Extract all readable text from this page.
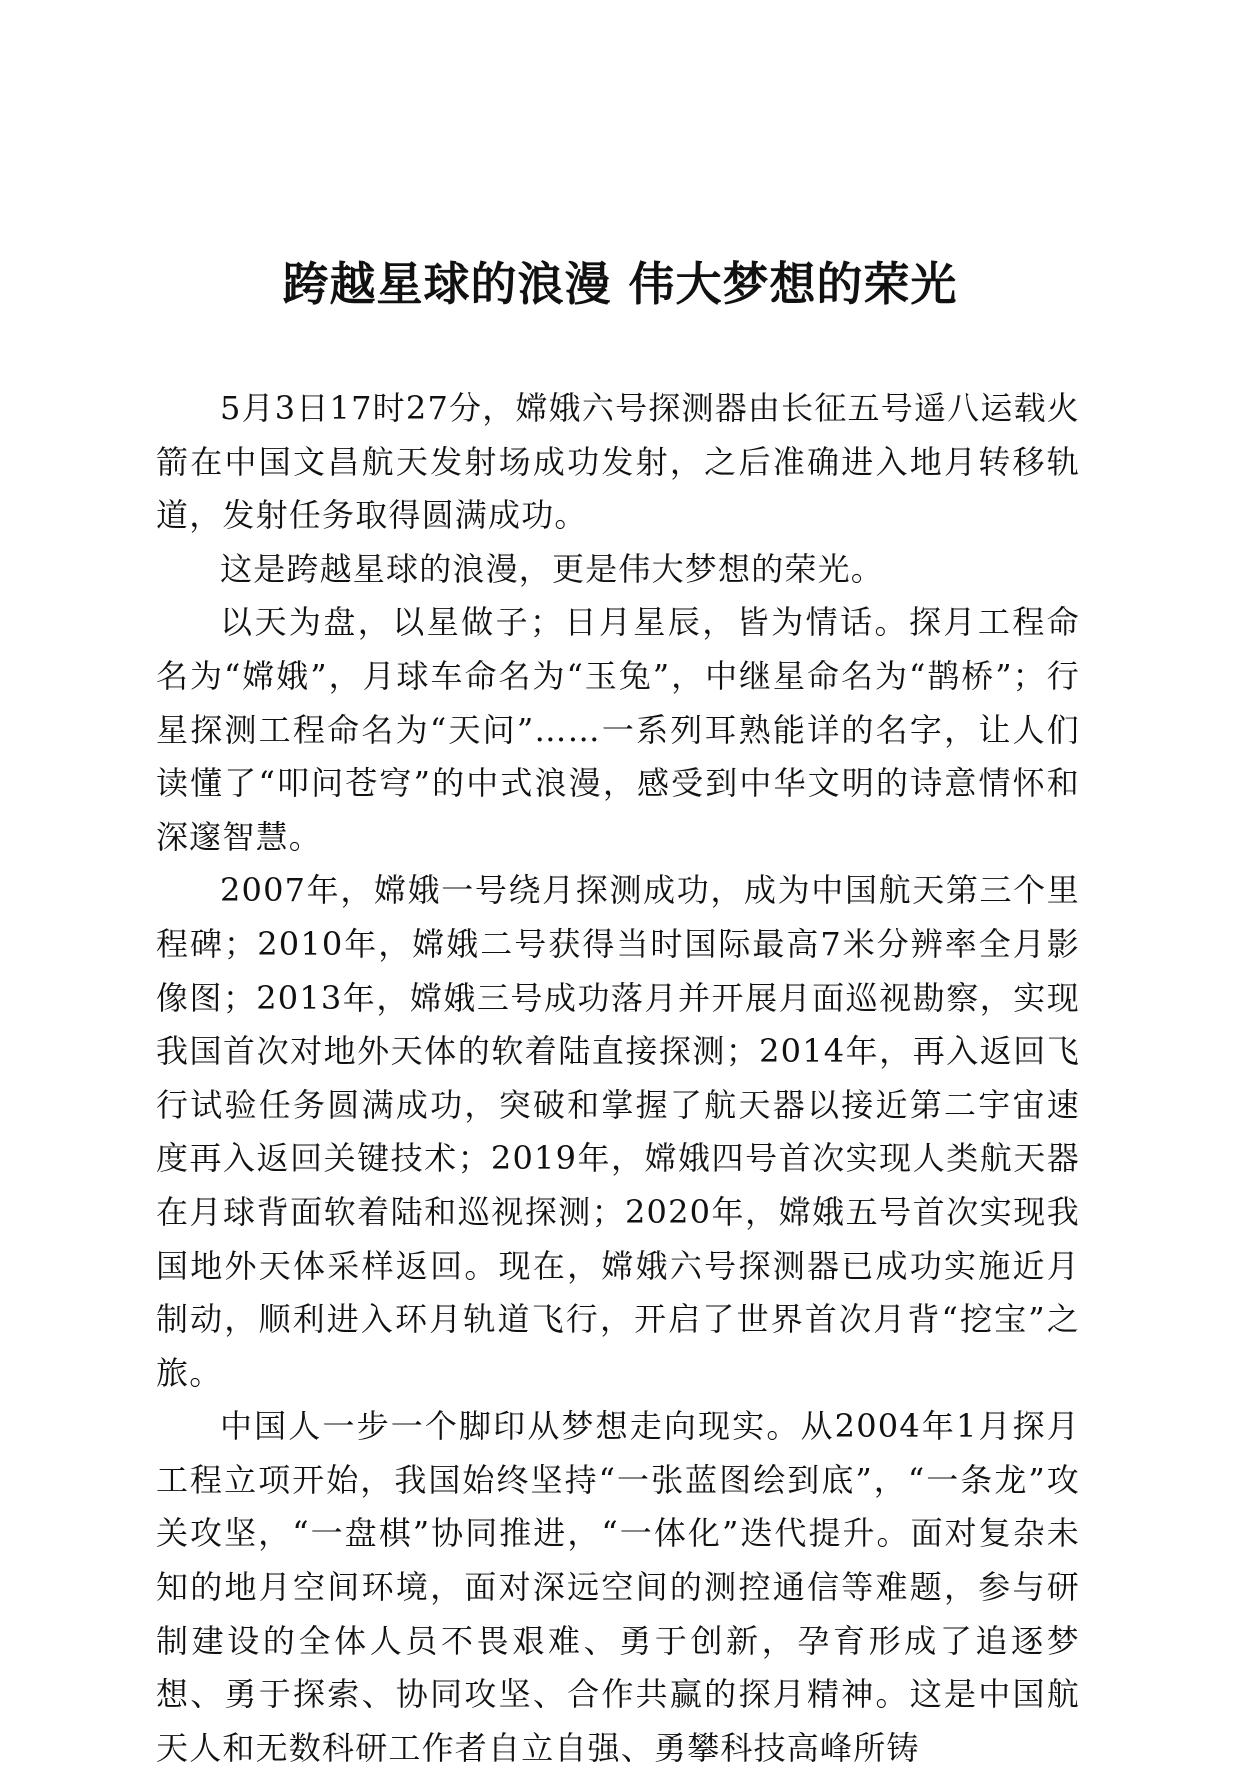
跨越星球的浪漫 伟大梦想的荣光

5月3日17时27分，嫦娥六号探测器由长征五号遥八运载火箭在中国文昌航天发射场成功发射，之后准确进入地月转移轨道，发射任务取得圆满成功。

这是跨越星球的浪漫，更是伟大梦想的荣光。

以天为盘，以星做子；日月星辰，皆为情话。探月工程命名为“嫦娥”，月球车命名为“玉兔”，中继星命名为“鹊桥”；行星探测工程命名为“天问”……一系列耳熟能详的名字，让人们读懂了“叩问苍穹”的中式浪漫，感受到中华文明的诗意情怀和深邃智慧。

2007年，嫦娥一号绕月探测成功，成为中国航天第三个里程碑；2010年，嫦娥二号获得当时国际最高7米分辨率全月影像图；2013年，嫦娥三号成功落月并开展月面巡视勘察，实现我国首次对地外天体的软着陆直接探测；2014年，再入返回飞行试验任务圆满成功，突破和掌握了航天器以接近第二宇宙速度再入返回关键技术；2019年，嫦娥四号首次实现人类航天器在月球背面软着陆和巡视探测；2020年，嫦娥五号首次实现我国地外天体采样返回。现在，嫦娥六号探测器已成功实施近月制动，顺利进入环月轨道飞行，开启了世界首次月背“挖宝”之旅。

中国人一步一个脚印从梦想走向现实。从2004年1月探月工程立项开始，我国始终坚持“一张蓝图绘到底”，“一条龙”攻关攻坚，“一盘棋”协同推进，“一体化”迭代提升。面对复杂未知的地月空间环境，面对深远空间的测控通信等难题，参与研制建设的全体人员不畏艰难、勇于创新，孕育形成了追逐梦想、勇于探索、协同攻坚、合作共赢的探月精神。这是中国航天人和无数科研工作者自立自强、勇攀科技高峰所铸
